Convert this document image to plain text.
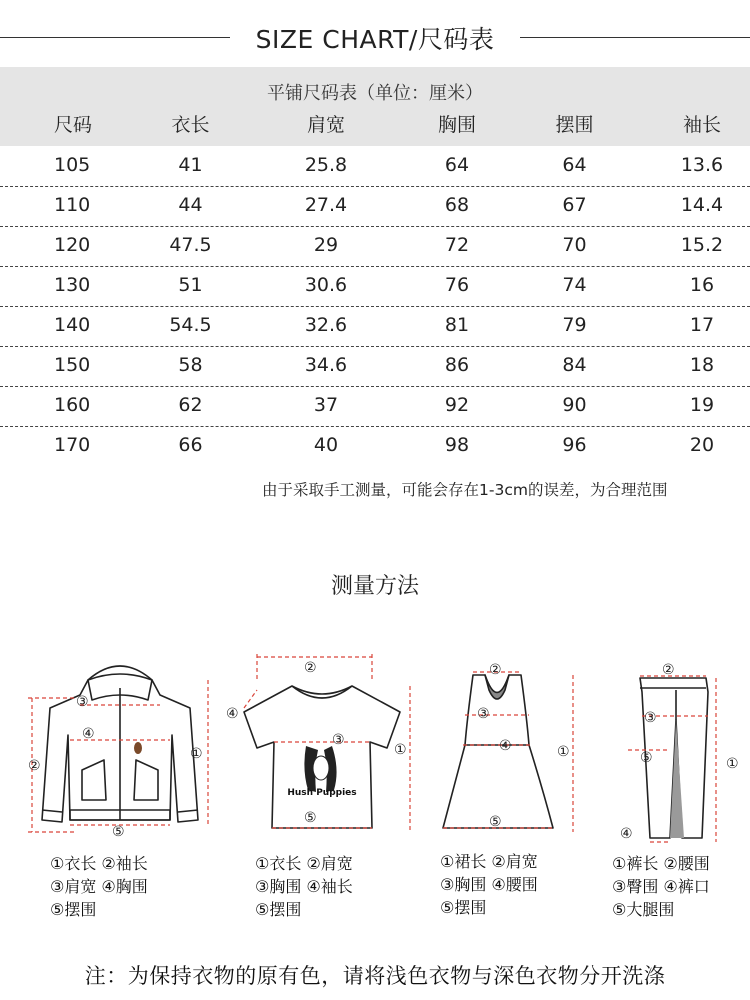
SIZE CHART/尺码表
平铺尺码表（单位：厘米）
尺码	衣长	肩宽	胸围	摆围	袖长
105	41	25.8	64	64	13.6
110	44	27.4	68	67	14.4
120	47.5	29	72	70	15.2
130	51	30.6	76	74	16
140	54.5	32.6	81	79	17
150	58	34.6	86	84	18
160	62	37	92	90	19
170	66	40	98	96	20
由于采取手工测量，可能会存在1-3cm的误差，为合理范围
测量方法
③
④
②
①
⑤
Hush Puppies
②
③
④
①
⑤
②
③
④	①
⑤
②
③
⑤	①
④
①衣长 ②袖长
③肩宽 ④胸围
⑤摆围
①衣长 ②肩宽
③胸围 ④袖长
⑤摆围
①裙长 ②肩宽
③胸围 ④腰围
⑤摆围
①裤长 ②腰围
③臀围 ④裤口
⑤大腿围
注：为保持衣物的原有色，请将浅色衣物与深色衣物分开洗涤
